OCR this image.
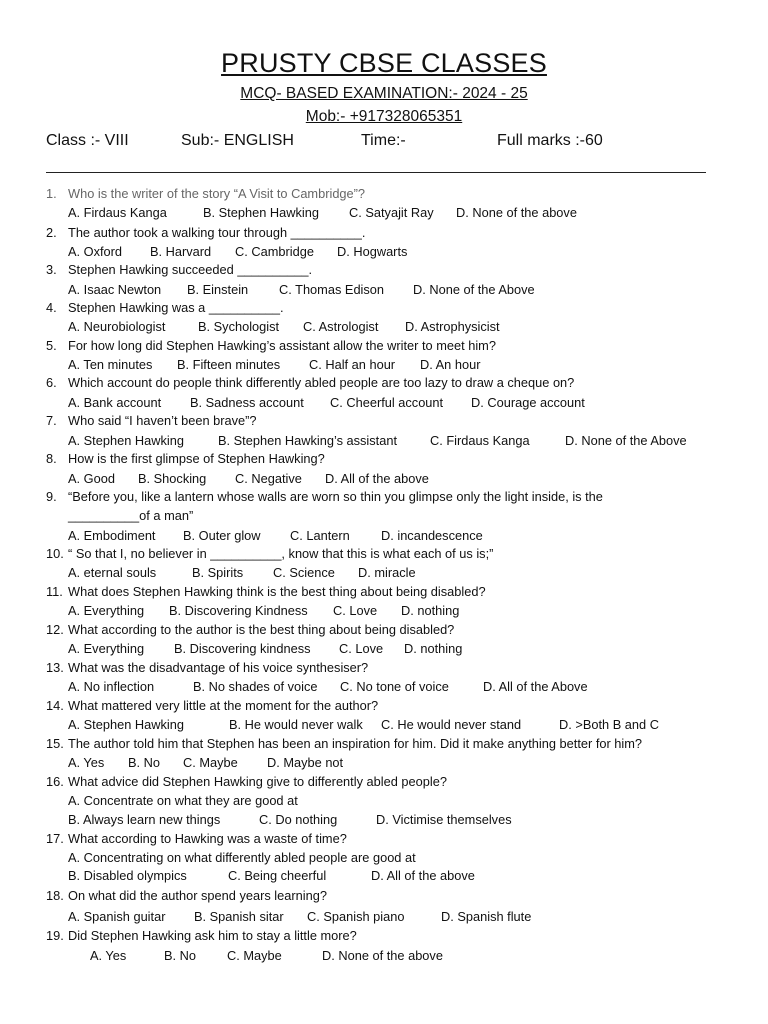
PRUSTY CBSE CLASSES
MCQ- BASED EXAMINATION:- 2024 - 25
Mob:- +917328065351
Class :- VIII	Sub:- ENGLISH	Time:-	Full marks :-60
1. Who is the writer of the story “A Visit to Cambridge”?
A. Firdaus Kanga	B. Stephen Hawking C. Satyajit Ray D. None of the above
2. The author took a walking tour through __________.
A. Oxford B. Harvard C. Cambridge D. Hogwarts
3. Stephen Hawking succeeded __________.
A. Isaac Newton B. Einstein C. Thomas Edison D. None of the Above
4. Stephen Hawking was a __________.
A. Neurobiologist	B. Sychologist C. Astrologist D. Astrophysicist
5. For how long did Stephen Hawking’s assistant allow the writer to meet him?
A. Ten minutes B. Fifteen minutes C. Half an hour D. An hour
6. Which account do people think differently abled people are too lazy to draw a cheque on?
A. Bank account B. Sadness account C. Cheerful account D. Courage account
7. Who said “I haven’t been brave”?
A. Stephen Hawking	B. Stephen Hawking’s assistant	C. Firdaus Kanga	D. None of the Above
8. How is the first glimpse of Stephen Hawking?
A. Good B. Shocking C. Negative D. All of the above
9. “Before you, like a lantern whose walls are worn so thin you glimpse only the light inside, is the
__________of a man”
A. Embodiment B. Outer glow C. Lantern D. incandescence
10. “ So that I, no believer in __________, know that this is what each of us is;”
A. eternal souls	B. Spirits C. Science D. miracle
11. What does Stephen Hawking think is the best thing about being disabled?
A. Everything B. Discovering Kindness C. Love D. nothing
12. What according to the author is the best thing about being disabled?
A. Everything B. Discovering kindness C. Love D. nothing
13. What was the disadvantage of his voice synthesiser?
A. No inflection	B. No shades of voice C. No tone of voice	D. All of the Above
14. What mattered very little at the moment for the author?
A. Stephen Hawking	B. He would never walk C. He would never stand	D. >Both B and C
15. The author told him that Stephen has been an inspiration for him. Did it make anything better for him?
A. Yes B. No C. Maybe D. Maybe not
16. What advice did Stephen Hawking give to differently abled people?
A. Concentrate on what they are good at
B. Always learn new things	C. Do nothing	D. Victimise themselves
17. What according to Hawking was a waste of time?
A. Concentrating on what differently abled people are good at
B. Disabled olympics	C. Being cheerful	D. All of the above
18. On what did the author spend years learning?
A. Spanish guitar B. Spanish sitar C. Spanish piano	D. Spanish flute
19. Did Stephen Hawking ask him to stay a little more?
A. Yes	B. No C. Maybe	D. None of the above
